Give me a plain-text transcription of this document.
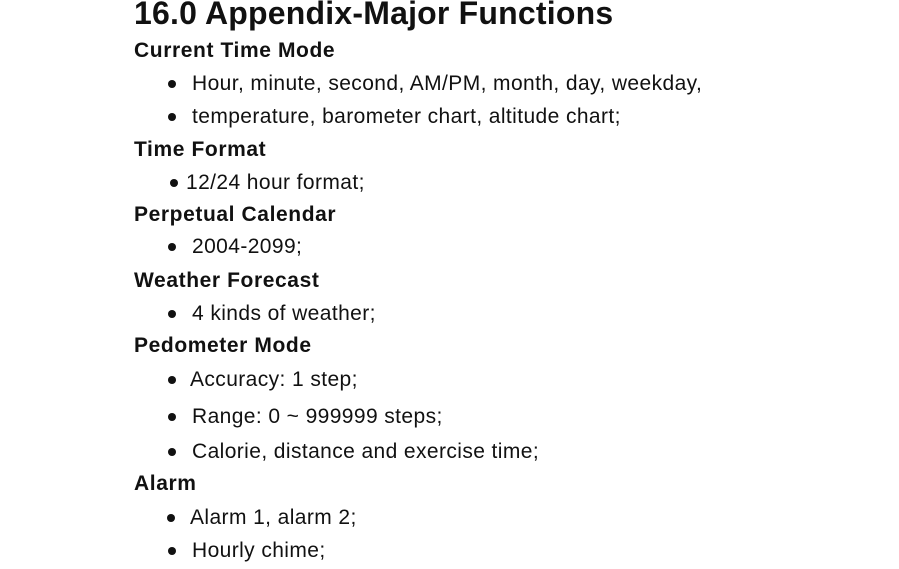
16.0 Appendix-Major Functions
Current Time Mode

Hour, minute, second, AM/PM, month, day, weekday,

temperature, barometer chart, altitude chart;

Time Format

12/24 hour format;

Perpetual Calendar

2004-2099;

Weather Forecast

4 kinds of weather;

Pedometer Mode

Accuracy: 1 step;

Range: 0 ~ 999999 steps;

Calorie, distance and exercise time;

Alarm

Alarm 1, alarm 2;

Hourly chime;
